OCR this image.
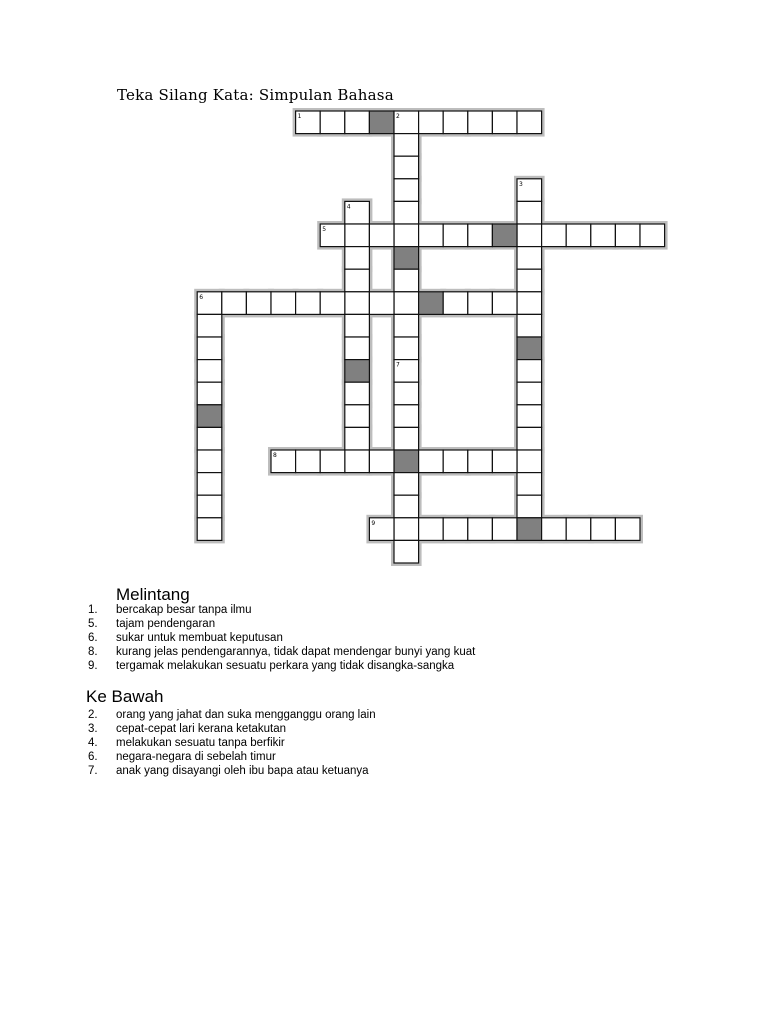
Teka Silang Kata: Simpulan Bahasa
1	2
3
4
5
6
7
8
9
Melintang
1. bercakap besar tanpa ilmu
5. tajam pendengaran
6. sukar untuk membuat keputusan
8. kurang jelas pendengarannya, tidak dapat mendengar bunyi yang kuat
9. tergamak melakukan sesuatu perkara yang tidak disangka-sangka
Ke Bawah
2. orang yang jahat dan suka mengganggu orang lain
3. cepat-cepat lari kerana ketakutan
4. melakukan sesuatu tanpa berfikir
6. negara-negara di sebelah timur
7. anak yang disayangi oleh ibu bapa atau ketuanya
